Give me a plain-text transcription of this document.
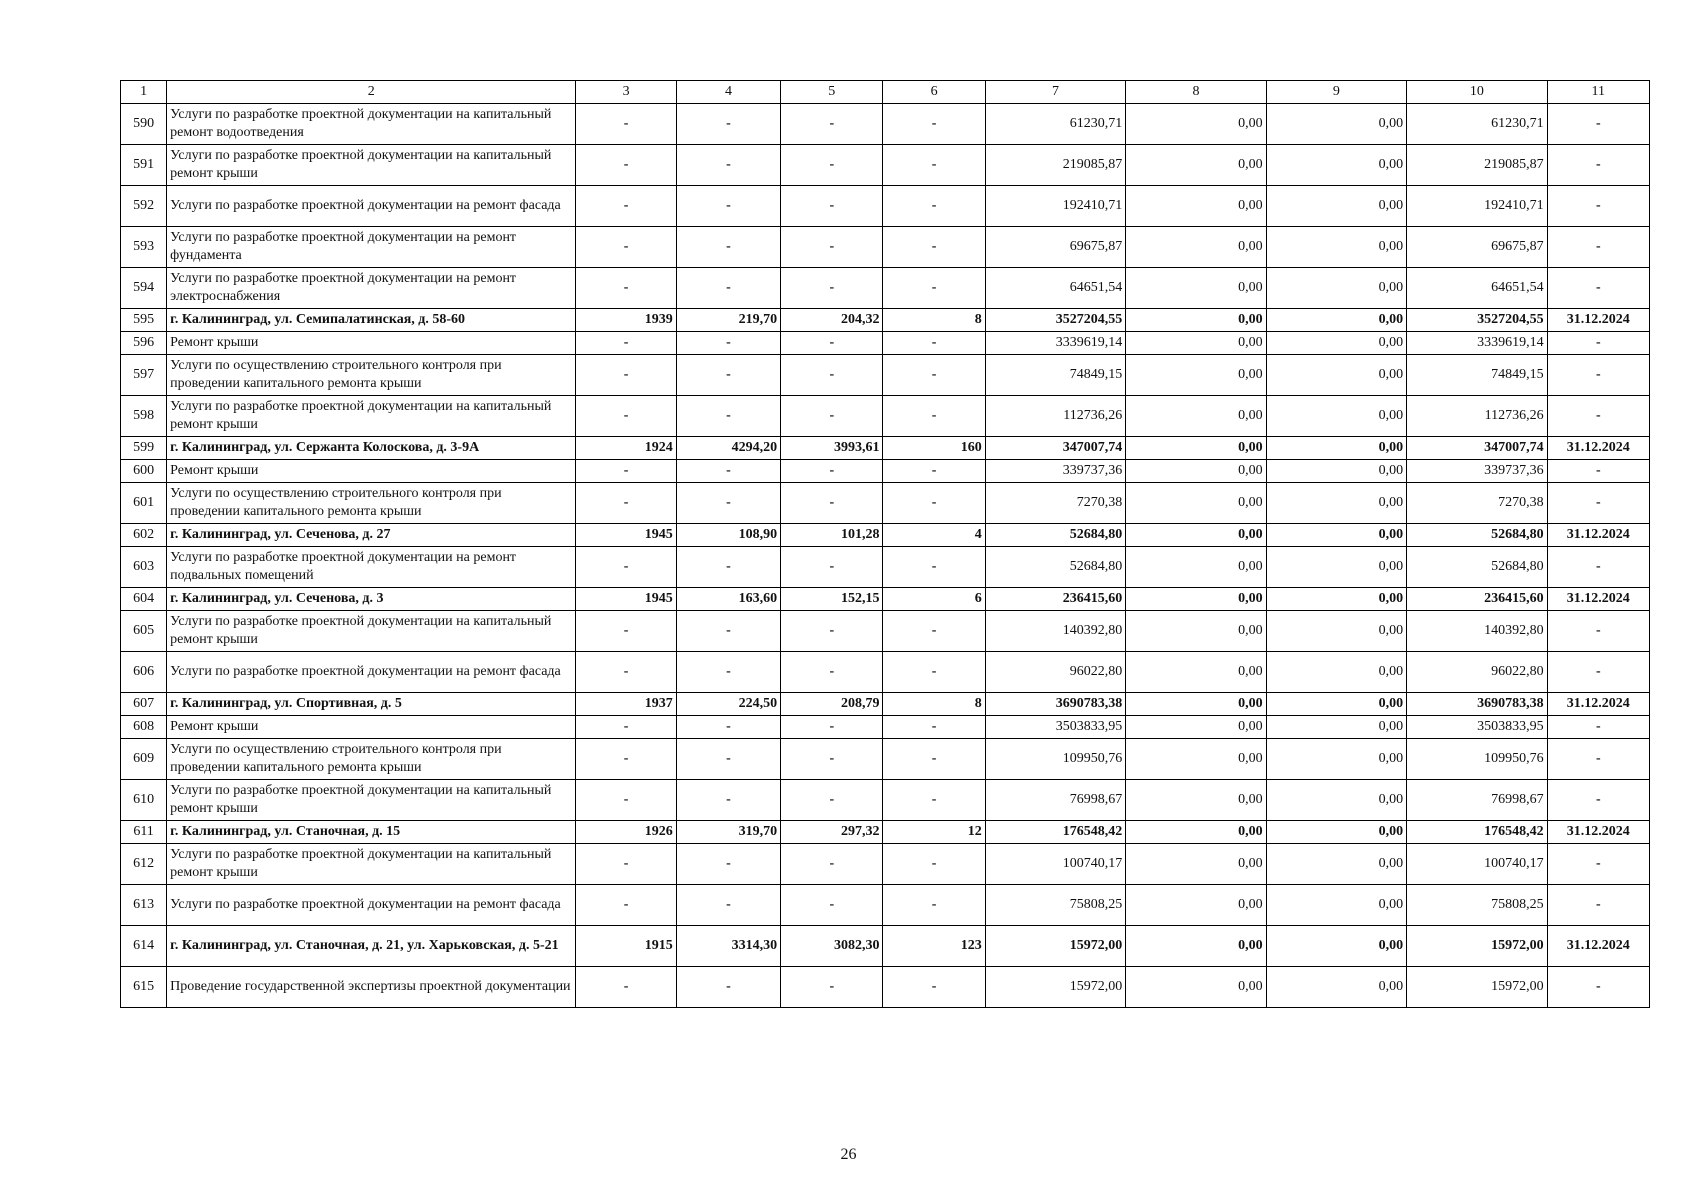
1	2	3	4	5	6	7	8	9	10	11
590	Услуги по разработке проектной документации на капитальный ремонт водоотведения	-	-	-	-	61230,71	0,00	0,00	61230,71	-
591	Услуги по разработке проектной документации на капитальный ремонт крыши	-	-	-	-	219085,87	0,00	0,00	219085,87	-
592	Услуги по разработке проектной документации на ремонт фасада	-	-	-	-	192410,71	0,00	0,00	192410,71	-
593	Услуги по разработке проектной документации на ремонт фундамента	-	-	-	-	69675,87	0,00	0,00	69675,87	-
594	Услуги по разработке проектной документации на ремонт электроснабжения	-	-	-	-	64651,54	0,00	0,00	64651,54	-
595	г. Калининград, ул. Семипалатинская, д. 58-60	1939	219,70	204,32	8	3527204,55	0,00	0,00	3527204,55	31.12.2024
596	Ремонт крыши	-	-	-	-	3339619,14	0,00	0,00	3339619,14	-
597	Услуги по осуществлению строительного контроля при проведении капитального ремонта крыши	-	-	-	-	74849,15	0,00	0,00	74849,15	-
598	Услуги по разработке проектной документации на капитальный ремонт крыши	-	-	-	-	112736,26	0,00	0,00	112736,26	-
599	г. Калининград, ул. Сержанта Колоскова, д. 3-9А	1924	4294,20	3993,61	160	347007,74	0,00	0,00	347007,74	31.12.2024
600	Ремонт крыши	-	-	-	-	339737,36	0,00	0,00	339737,36	-
601	Услуги по осуществлению строительного контроля при проведении капитального ремонта крыши	-	-	-	-	7270,38	0,00	0,00	7270,38	-
602	г. Калининград, ул. Сеченова, д. 27	1945	108,90	101,28	4	52684,80	0,00	0,00	52684,80	31.12.2024
603	Услуги по разработке проектной документации на ремонт подвальных помещений	-	-	-	-	52684,80	0,00	0,00	52684,80	-
604	г. Калининград, ул. Сеченова, д. 3	1945	163,60	152,15	6	236415,60	0,00	0,00	236415,60	31.12.2024
605	Услуги по разработке проектной документации на капитальный ремонт крыши	-	-	-	-	140392,80	0,00	0,00	140392,80	-
606	Услуги по разработке проектной документации на ремонт фасада	-	-	-	-	96022,80	0,00	0,00	96022,80	-
607	г. Калининград, ул. Спортивная, д. 5	1937	224,50	208,79	8	3690783,38	0,00	0,00	3690783,38	31.12.2024
608	Ремонт крыши	-	-	-	-	3503833,95	0,00	0,00	3503833,95	-
609	Услуги по осуществлению строительного контроля при проведении капитального ремонта крыши	-	-	-	-	109950,76	0,00	0,00	109950,76	-
610	Услуги по разработке проектной документации на капитальный ремонт крыши	-	-	-	-	76998,67	0,00	0,00	76998,67	-
611	г. Калининград, ул. Станочная, д. 15	1926	319,70	297,32	12	176548,42	0,00	0,00	176548,42	31.12.2024
612	Услуги по разработке проектной документации на капитальный ремонт крыши	-	-	-	-	100740,17	0,00	0,00	100740,17	-
613	Услуги по разработке проектной документации на ремонт фасада	-	-	-	-	75808,25	0,00	0,00	75808,25	-
614	г. Калининград, ул. Станочная, д. 21, ул. Харьковская, д. 5-21	1915	3314,30	3082,30	123	15972,00	0,00	0,00	15972,00	31.12.2024
615	Проведение государственной экспертизы проектной документации	-	-	-	-	15972,00	0,00	0,00	15972,00	-
26
